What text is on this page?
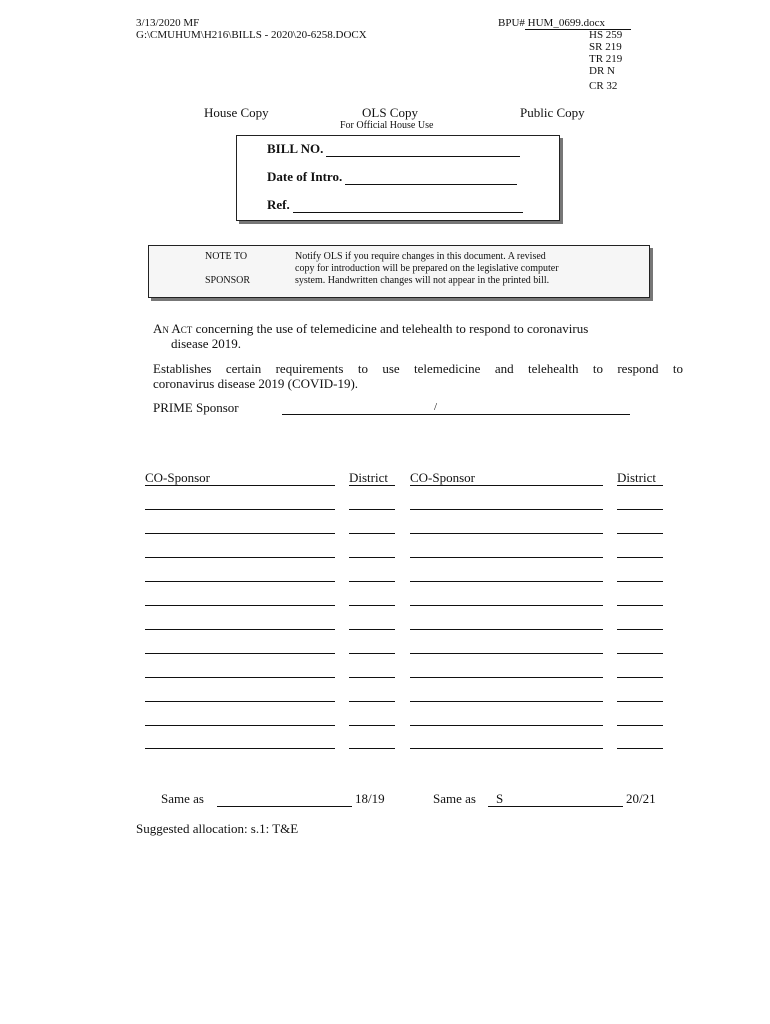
3/13/2020 MF
G:\CMUHUM\H216\BILLS - 2020\20-6258.DOCX
BPU# HUM_0699.docx
HS 259
SR 219
TR 219
DR N
CR 32
House Copy	OLS Copy	Public Copy
For Official House Use
BILL NO.
Date of Intro.
Ref.
NOTE TO
SPONSOR
Notify OLS if you require changes in this document. A revised
copy for introduction will be prepared on the legislative computer
system. Handwritten changes will not appear in the printed bill.
An Act concerning the use of telemedicine and telehealth to respond to coronavirus
disease 2019.
Establishes certain requirements to use telemedicine and telehealth to respond to
coronavirus disease 2019 (COVID-19).
PRIME Sponsor	/
CO-Sponsor	District CO-Sponsor	District
Same as	18/19	Same as S	20/21
Suggested allocation: s.1: T&E
